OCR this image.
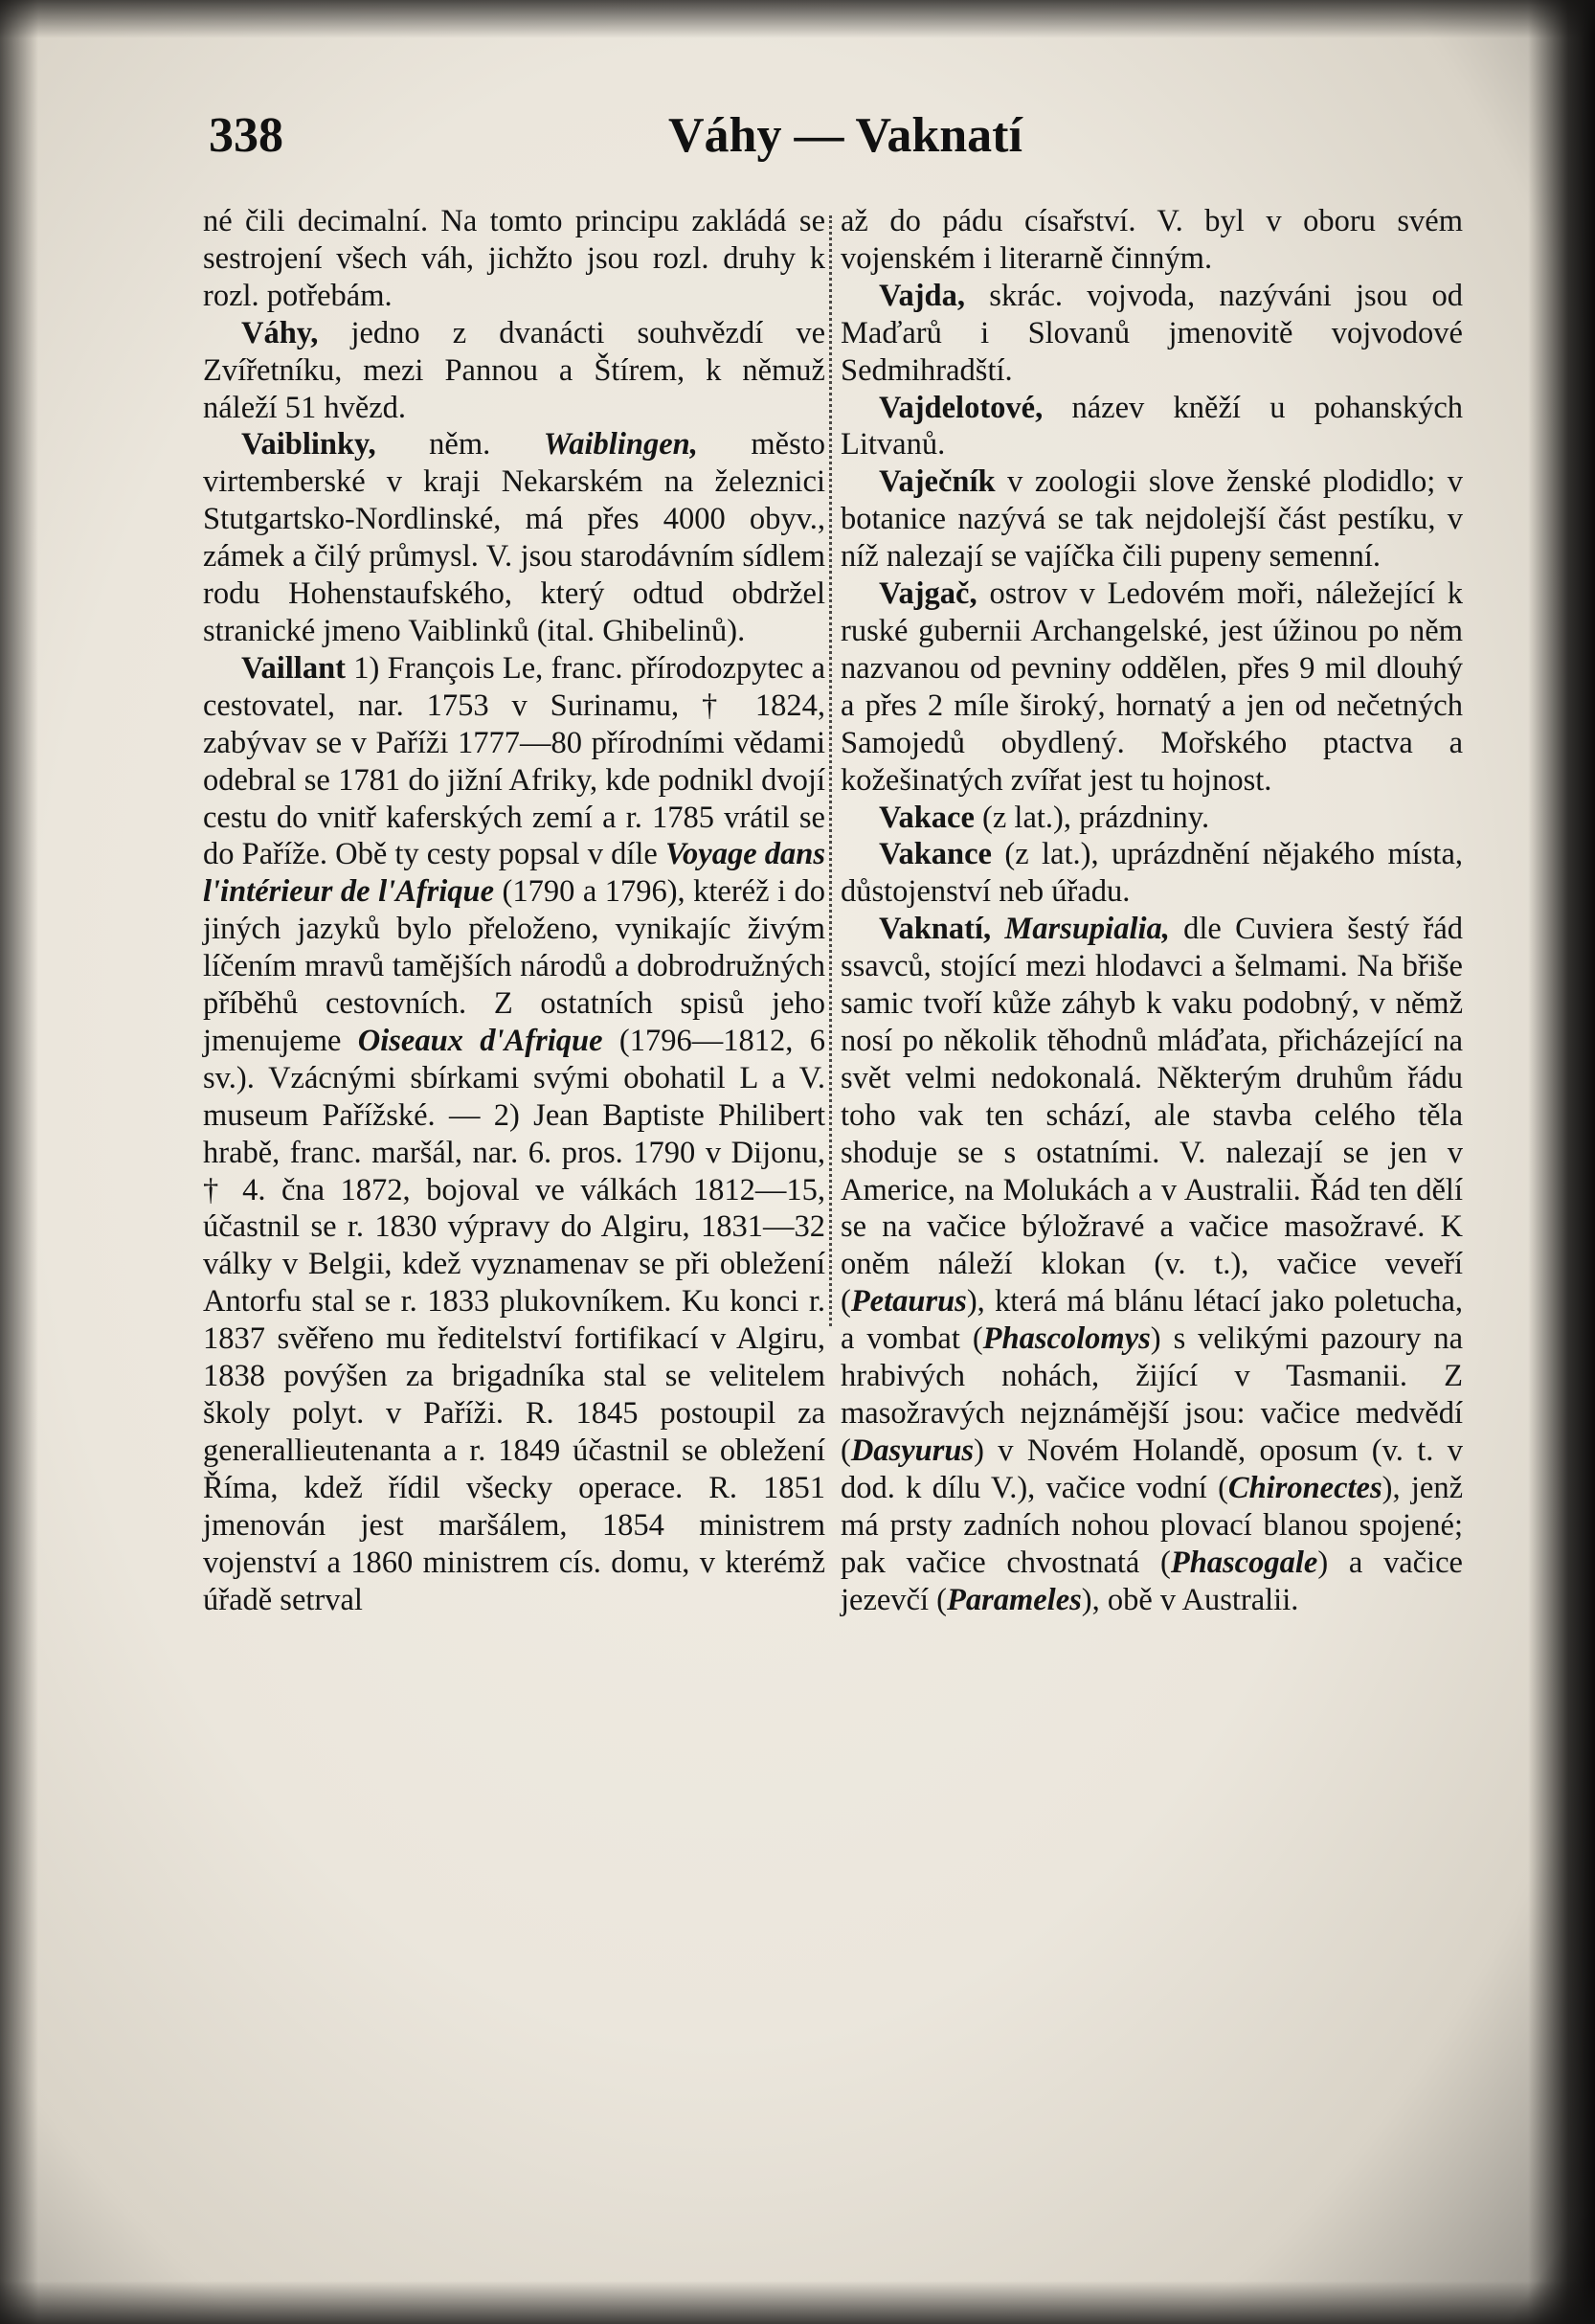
338	Váhy — Vaknatí

né čili decimalní. Na tomto principu zakládá se sestrojení všech váh, jichžto jsou rozl. druhy k rozl. potřebám.

Váhy, jedno z dvanácti souhvězdí ve Zvířetníku, mezi Pannou a Štírem, k němuž náleží 51 hvězd.

Vaiblinky, něm. Waiblingen, město virtemberské v kraji Nekarském na železnici Stutgartsko-Nordlinské, má přes 4000 obyv., zámek a čilý průmysl. V. jsou starodávním sídlem rodu Hohenstaufského, který odtud obdržel stranické jmeno Vaiblinků (ital. Ghibelinů).

Vaillant 1) François Le, franc. přírodozpytec a cestovatel, nar. 1753 v Surinamu, † 1824, zabývav se v Paříži 1777—80 přírodními vědami odebral se 1781 do jižní Afriky, kde podnikl dvojí cestu do vnitř kaferských zemí a r. 1785 vrátil se do Paříže. Obě ty cesty popsal v díle Voyage dans l'intérieur de l'Afrique (1790 a 1796), kteréž i do jiných jazyků bylo přeloženo, vynikajíc živým líčením mravů tamějších národů a dobrodružných příběhů cestovních. Z ostatních spisů jeho jmenujeme Oiseaux d'Afrique (1796—1812, 6 sv.). Vzácnými sbírkami svými obohatil L a V. museum Pařížské. — 2) Jean Baptiste Philibert hrabě, franc. maršál, nar. 6. pros. 1790 v Dijonu, † 4. čna 1872, bojoval ve válkách 1812—15, účastnil se r. 1830 výpravy do Algiru, 1831—32 války v Belgii, kdež vyznamenav se při obležení Antorfu stal se r. 1833 plukovníkem. Ku konci r. 1837 svěřeno mu ředitelství fortifikací v Algiru, 1838 povýšen za brigadníka stal se velitelem školy polyt. v Paříži. R. 1845 postoupil za generallieutenanta a r. 1849 účastnil se obležení Říma, kdež řídil všecky operace. R. 1851 jmenován jest maršálem, 1854 ministrem vojenství a 1860 ministrem cís. domu, v kterémž úřadě setrval

až do pádu císařství. V. byl v oboru svém vojenském i literarně činným.

Vajda, skrác. vojvoda, nazýváni jsou od Maďarů i Slovanů jmenovitě vojvodové Sedmihradští.

Vajdelotové, název kněží u pohanských Litvanů.

Vaječník v zoologii slove ženské plodidlo; v botanice nazývá se tak nejdolejší část pestíku, v níž nalezají se vajíčka čili pupeny semenní.

Vajgač, ostrov v Ledovém moři, náležející k ruské gubernii Archangelské, jest úžinou po něm nazvanou od pevniny oddělen, přes 9 mil dlouhý a přes 2 míle široký, hornatý a jen od nečetných Samojedů obydlený. Mořského ptactva a kožešinatých zvířat jest tu hojnost.

Vakace (z lat.), prázdniny.

Vakance (z lat.), uprázdnění nějakého místa, důstojenství neb úřadu.

Vaknatí, Marsupialia, dle Cuviera šestý řád ssavců, stojící mezi hlodavci a šelmami. Na břiše samic tvoří kůže záhyb k vaku podobný, v němž nosí po několik těhodnů mláďata, přicházející na svět velmi nedokonalá. Některým druhům řádu toho vak ten schází, ale stavba celého těla shoduje se s ostatními. V. nalezají se jen v Americe, na Molukách a v Australii. Řád ten dělí se na vačice býložravé a vačice masožravé. K oněm náleží klokan (v. t.), vačice veveří (Petaurus), která má blánu létací jako poletucha, a vombat (Phascolomys) s velikými pazoury na hrabivých nohách, žijící v Tasmanii. Z masožravých nejznámější jsou: vačice medvědí (Dasyurus) v Novém Holandě, oposum (v. t. v dod. k dílu V.), vačice vodní (Chironectes), jenž má prsty zadních nohou plovací blanou spojené; pak vačice chvostnatá (Phascogale) a vačice jezevčí (Parameles), obě v Australii.
